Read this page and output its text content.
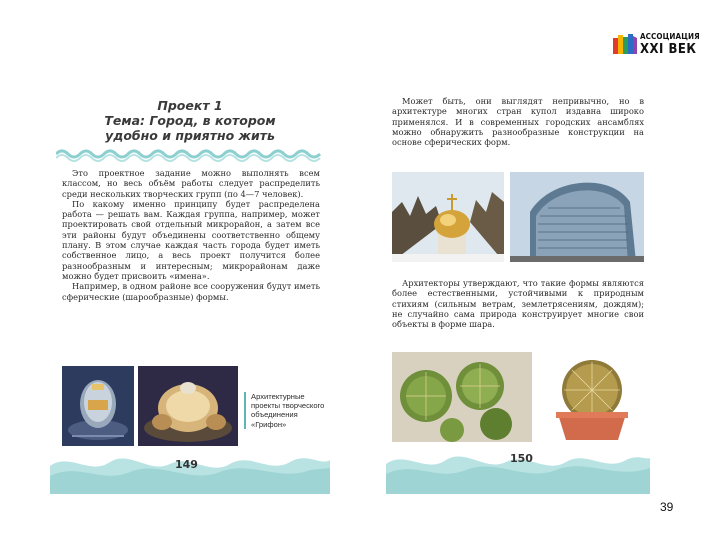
АССОЦИАЦИЯ
XXI ВЕК
Проект 1
Тема: Город, в котором
удобно и приятно жить

Это проектное задание можно выполнять всем классом, но весь объём работы следует распределить среди нескольких творческих групп (по 4—7 человек).

По какому именно принципу будет распределена работа — решать вам. Каждая группа, например, может проектировать свой отдельный микрорайон, а затем все эти районы будут объединены соответственно общему плану. В этом случае каждая часть города будет иметь собственное лицо, а весь проект получится более разнообразным и интересным; микрорайонам даже можно будет присвоить «имена».

Например, в одном районе все сооружения будут иметь сферические (шарообразные) формы.

Архитектурные проекты творческого объединения «Грифон»
149	150

Может быть, они выглядят непривычно, но в архитектуре многих стран купол издавна широко применялся. И в современных городских ансамблях можно обнаружить разнообразные конструкции на основе сферических форм.

Архитекторы утверждают, что такие формы являются более естественными, устойчивыми к природным стихиям (сильным ветрам, землетрясениям, дождям); не случайно сама природа конструирует многие свои объекты в форме шара.

39
